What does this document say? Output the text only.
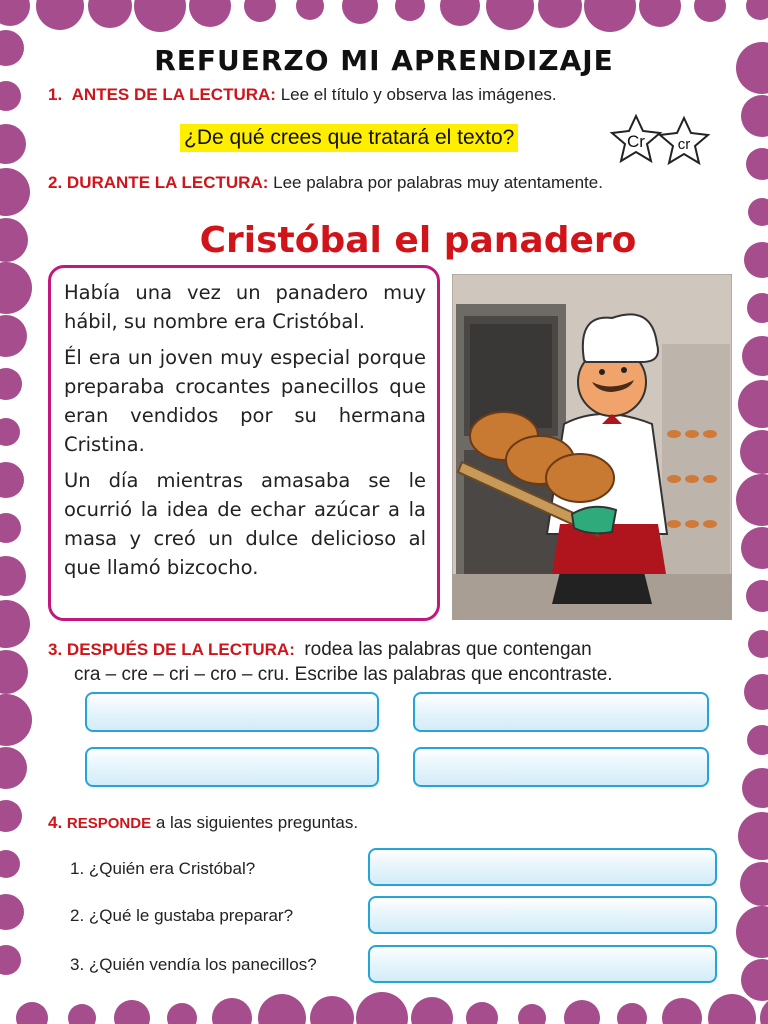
REFUERZO MI APRENDIZAJE
1. ANTES DE LA LECTURA: Lee el título y observa las imágenes.
¿De qué crees que tratará el texto?	Cr cr
2. DURANTE LA LECTURA: Lee palabra por palabras muy atentamente.
Cristóbal el panadero

Había una vez un panadero muy hábil, su nombre era Cristóbal.

Él era un joven muy especial porque preparaba crocantes panecillos que eran vendidos por su hermana Cristina.

Un día mientras amasaba se le ocurrió la idea de echar azúcar a la masa y creó un dulce delicioso al que llamó bizcocho.

3. DESPUÉS DE LA LECTURA: rodea las palabras que contengan
cra – cre – cri – cro – cru. Escribe las palabras que encontraste.
4. RESPONDE a las siguientes preguntas.
1. ¿Quién era Cristóbal?
2. ¿Qué le gustaba preparar?
3. ¿Quién vendía los panecillos?
